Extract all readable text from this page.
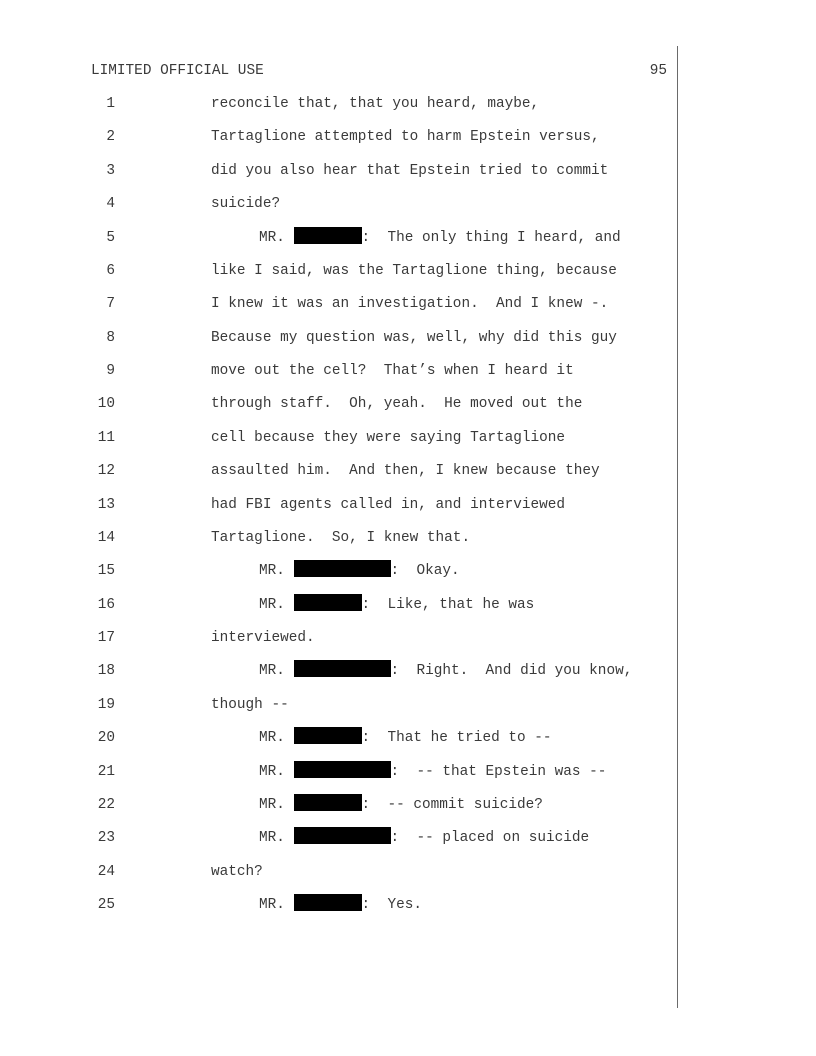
LIMITED OFFICIAL USE	95
1	reconcile that, that you heard, maybe,
2	Tartaglione attempted to harm Epstein versus,
3	did you also hear that Epstein tried to commit
4	suicide?
5	MR.	:  The only thing I heard, and
6	like I said, was the Tartaglione thing, because
7	I knew it was an investigation.  And I knew -.
8	Because my question was, well, why did this guy
9	move out the cell?  That’s when I heard it
10	through staff.  Oh, yeah.  He moved out the
11	cell because they were saying Tartaglione
12	assaulted him.  And then, I knew because they
13	had FBI agents called in, and interviewed
14	Tartaglione.  So, I knew that.
15	MR.	:  Okay.
16	MR.	:  Like, that he was
17	interviewed.
18	MR.	:  Right.  And did you know,
19	though --
20	MR.	:  That he tried to --
21	MR.	:  -- that Epstein was --
22	MR.	:  -- commit suicide?
23	MR.	:  -- placed on suicide
24	watch?
25	MR.	:  Yes.
